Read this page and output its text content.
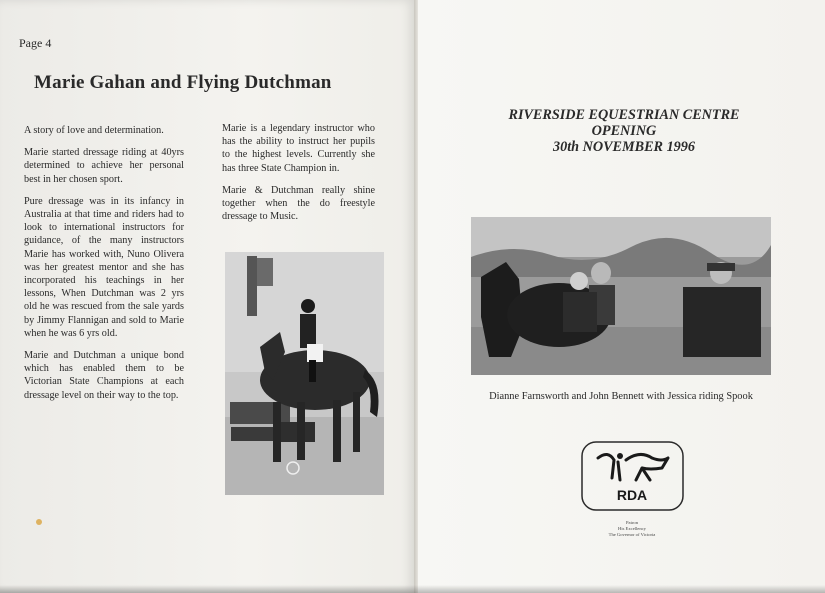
Page 4
Marie Gahan and Flying Dutchman

A story of love and determination.

Marie started dressage riding at 40yrs determined to achieve her personal best in her chosen sport.

Pure dressage was in its infancy in Australia at that time and riders had to look to international instructors for guidance, of the many instructors Marie has worked with, Nuno Olivera was her greatest mentor and she has incorporated his teachings in her lessons, When Dutchman was 2 yrs old he was rescued from the sale yards by Jimmy Flannigan and sold to Marie when he was 6 yrs old.

Marie and Dutchman a unique bond which has enabled them to be Victorian State Champions at each dressage level on their way to the top.

Marie is a legendary instructor who has the ability to instruct her pupils to the highest levels. Currently she has three State Champion in.

Marie & Dutchman really shine together when the do freestyle dressage to Music.

RIVERSIDE EQUESTRIAN CENTRE
OPENING
30th NOVEMBER 1996
Dianne Farnsworth and John Bennett with Jessica riding Spook
RDA
Patron
His Excellency
The Governor of Victoria
